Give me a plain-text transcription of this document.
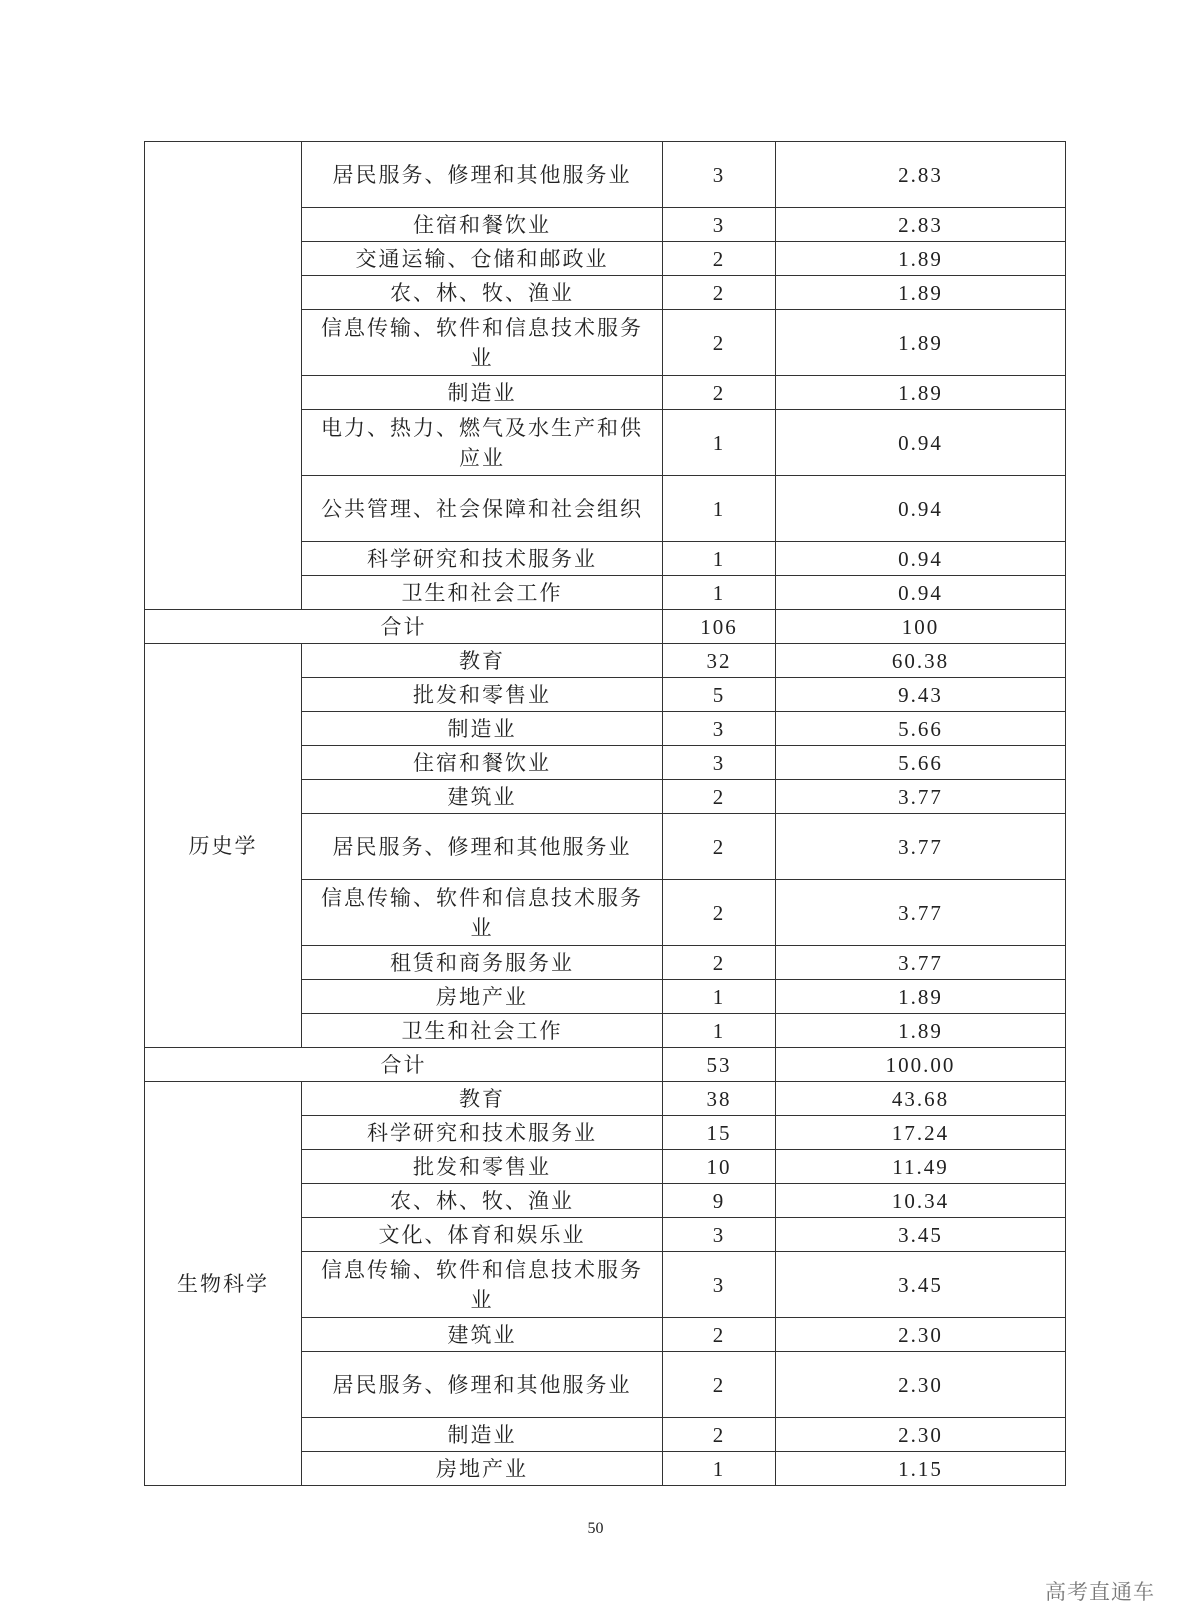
	居民服务、修理和其他服务业	3	2.83
	住宿和餐饮业	3	2.83
	交通运输、仓储和邮政业	2	1.89
	农、林、牧、渔业	2	1.89
	信息传输、软件和信息技术服务业	2	1.89
	制造业	2	1.89
	电力、热力、燃气及水生产和供应业	1	0.94
	公共管理、社会保障和社会组织	1	0.94
	科学研究和技术服务业	1	0.94
	卫生和社会工作	1	0.94
合计		106	100
历史学	教育	32	60.38
	批发和零售业	5	9.43
	制造业	3	5.66
	住宿和餐饮业	3	5.66
	建筑业	2	3.77
	居民服务、修理和其他服务业	2	3.77
	信息传输、软件和信息技术服务业	2	3.77
	租赁和商务服务业	2	3.77
	房地产业	1	1.89
	卫生和社会工作	1	1.89
合计		53	100.00
生物科学	教育	38	43.68
	科学研究和技术服务业	15	17.24
	批发和零售业	10	11.49
	农、林、牧、渔业	9	10.34
	文化、体育和娱乐业	3	3.45
	信息传输、软件和信息技术服务业	3	3.45
	建筑业	2	2.30
	居民服务、修理和其他服务业	2	2.30
	制造业	2	2.30
	房地产业	1	1.15
50
高考直通车
